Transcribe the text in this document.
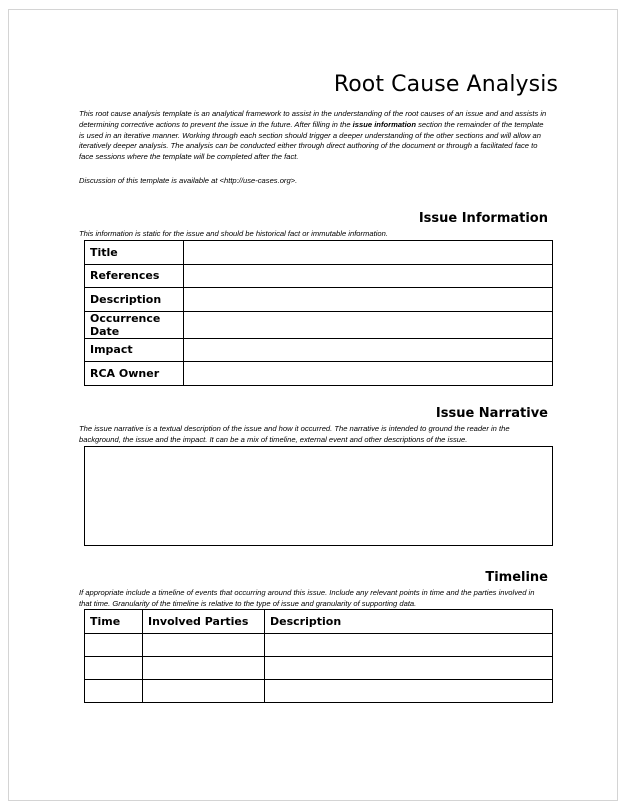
Root Cause Analysis
This root cause analysis template is an analytical framework to assist in the understanding of the root causes of an issue and and assists in determining corrective actions to prevent the issue in the future. After filling in the issue information section the remainder of the template is used in an iterative manner. Working through each section should trigger a deeper understanding of the other sections and will allow an iteratively deeper analysis. The analysis can be conducted either through direct authoring of the document or through a facilitated face to face sessions where the template will be completed after the fact.
Discussion of this template is available at <http://use-cases.org>.
Issue Information
This information is static for the issue and should be historical fact or immutable information.
Title	
References	
Description	
Occurrence Date	
Impact	
RCA Owner	
Issue Narrative
The issue narrative is a textual description of the issue and how it occurred. The narrative is intended to ground the reader in the background, the issue and the impact. It can be a mix of timeline, external event and other descriptions of the issue.
Timeline
If appropriate include a timeline of events that occurring around this issue. Include any relevant points in time and the parties involved in that time. Granularity of the timeline is relative to the type of issue and granularity of supporting data.
Time	Involved Parties	Description
